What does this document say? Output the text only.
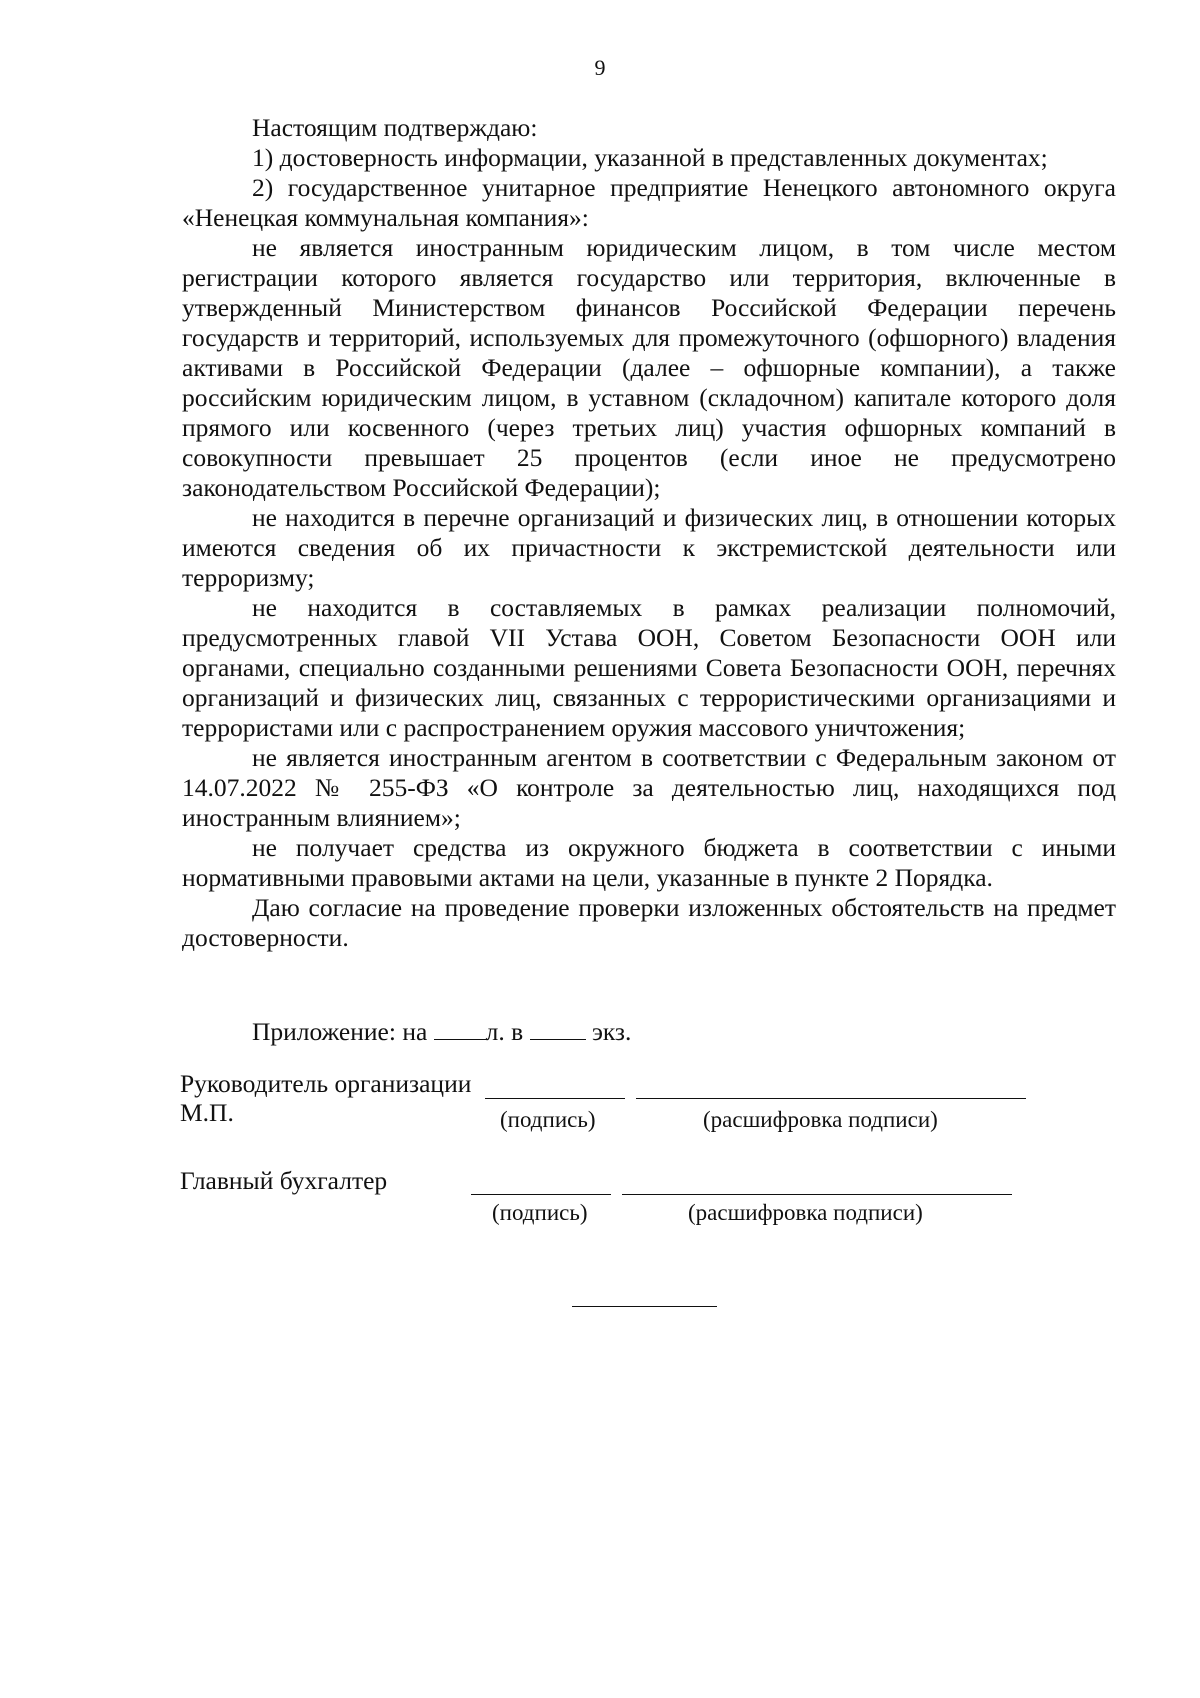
9

Настоящим подтверждаю:

1) достоверность информации, указанной в представленных документах;

2) государственное унитарное предприятие Ненецкого автономного округа «Ненецкая коммунальная компания»:

не является иностранным юридическим лицом, в том числе местом регистрации которого является государство или территория, включенные в утвержденный Министерством финансов Российской Федерации перечень государств и территорий, используемых для промежуточного (офшорного) владения активами в Российской Федерации (далее – офшорные компании), а также российским юридическим лицом, в уставном (складочном) капитале которого доля прямого или косвенного (через третьих лиц) участия офшорных компаний в совокупности превышает 25 процентов (если иное не предусмотрено законодательством Российской Федерации);

не находится в перечне организаций и физических лиц, в отношении которых имеются сведения об их причастности к экстремистской деятельности или терроризму;

не находится в составляемых в рамках реализации полномочий, предусмотренных главой VII Устава ООН, Советом Безопасности ООН или органами, специально созданными решениями Совета Безопасности ООН, перечнях организаций и физических лиц, связанных с террористическими организациями и террористами или с распространением оружия массового уничтожения;

не является иностранным агентом в соответствии с Федеральным законом от 14.07.2022 № 255-ФЗ «О контроле за деятельностью лиц, находящихся под иностранным влиянием»;

не получает средства из окружного бюджета в соответствии с иными нормативными правовыми актами на цели, указанные в пункте 2 Порядка.

Даю согласие на проведение проверки изложенных обстоятельств на предмет достоверности.

Приложение: на л. в	экз.
Руководитель организации
М.П.	(подпись)	(расшифровка подписи)
Главный бухгалтер
(подпись)	(расшифровка подписи)
